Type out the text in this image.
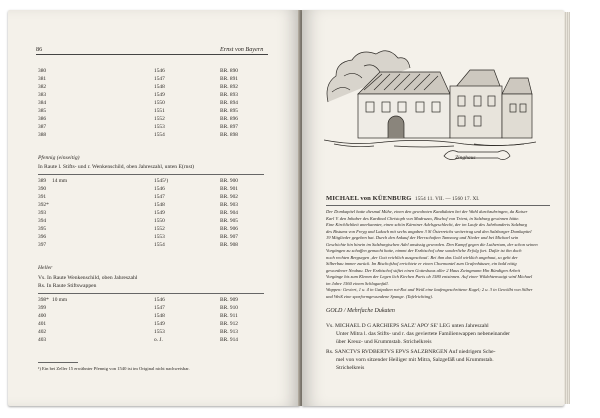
86	Ernst von Bayern
380	1546	BR. 890
381	1547	BR. 891
382	1548	BR. 892
383	1549	BR. 893
384	1550	BR. 894
385	1551	BR. 895
386	1552	BR. 896
387	1553	BR. 897
388	1554	BR. 898
Pfennig (einseitig)
In Raute l. Stifts- und r. Wenkenschild, oben Jahreszahl, unten E(rnst)
389 14 mm	1545¹)	BR. 900
390	1546	BR. 901
391	1547	BR. 902
392*	1548	BR. 903
393	1549	BR. 904
394	1550	BR. 905
395	1552	BR. 906
396	1553	BR. 907
397	1554	BR. 908
Heller
Vs. In Raute Wenkenschild, oben Jahreszahl
Rs. In Raute Stiftswappen
398* 10 mm	1546	BR. 909
399	1547	BR. 910
400	1548	BR. 911
401	1549	BR. 912
402	1553	BR. 913
403	o. J.	BR. 914
¹) Ein bei Zeller 15 erwähnter Pfennig von 1540 ist im Original nicht nachweisbar.
Zinghaus
MICHAEL von KÜENBURG 1554 11. VII. — 1560 17. XI.
Der Domkapitel hatte diesmal Mühe, einen den gewohnten Kandidaten bei der Wahl durchzubringen, da Kaiser
Karl V. den Inhaber des Kardinal Christoph von Madruzzo, Bischof von Trient, in Salzburg gewinnen hätte.
Eine Kirchlichkeit anerkannter, einen schön Kärntner Adelsgeschlecht, der im Laufe des Jahrhunderts Salzburg
des Bistums von Freyg und Lakach mit sechs angaben 3 Sl Österreichs weitertrug und den Salzburger Domkapitel
19 Mitglieder gegeben hat. Durch den Ankauf der Herrschaften Tamsweg und Nieder und bei Michael sein
Geschichte hin hinein im Salzburgischen Adel ansässig geworden. Den Kampf gegen die Luthertum, der schon seinen
Vorgängen zu schaffen gemacht hatte, nimmt der Erzbischof ohne sonderliche Erfolg fort. Dafür ist ihn doch
noch rechten Bergsegen ‚der Gott reichlich ausgeschaut'. Bei ihm das Gold wirklich angebaut, so geht der
Silberbau immer zurück. Im Bischofshof errichtete er einen Chormantel zum Grafenhäuser, ein bald nötig
gewordener Neubau. Der Erzbischof stiftet einen Gotteshaus aller 2 Haus Zwingmann Hin Bündigen Arbeit
Vorgänge bis zum Klemm der Legen lich Kirchen Paris ob 1580 entsinnen. Auf einer Wildehtenwaigt wird Michael
im Jahre 1560 einem Schlaganfall.
Wappen: Geviert, 1 u. 4 in Gaipalten rot-Rot und Weiß eine laufengeschrittene Kugel; 2 u. 3 in Gewölbt von Silber
und Weiß eine sparformgewundene Spange. (Tafelrichting).
GOLD / Mehrfache Dukaten
Vs. MICHAEL D G ARCHIEPS SALZ' APO' SE' LEG unten Jahreszahl
Unter Mitra l. das Stifts- und r. das geviertete Familienwappen nebeneinander
über Kreuz- und Krummstab. Strichelkreis
Rs. SANCTVS RVDBERTVS EPVS SALZBNRGEN Auf niedrigem Sche-
mel von vorn sitzender Heiliger mit Mitra, Salzgefäß und Krummstab.
Strichelkreis
